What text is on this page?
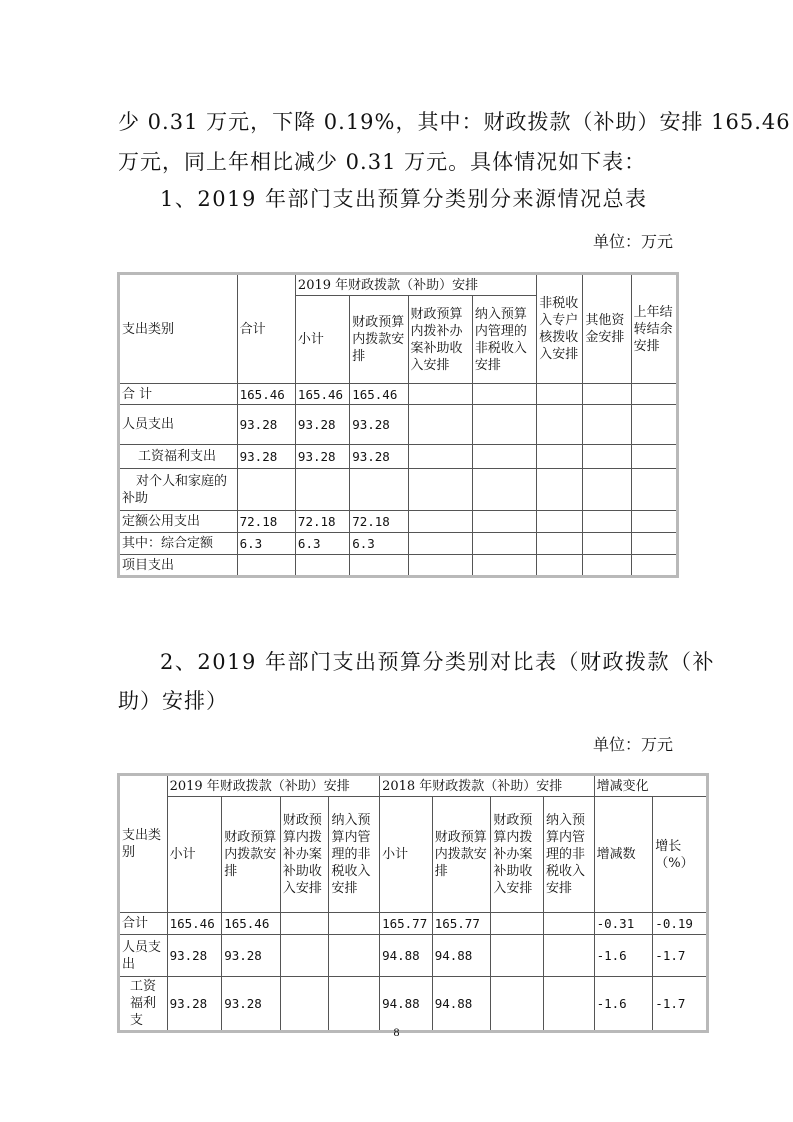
少 0.31 万元，下降 0.19%，其中：财政拨款（补助）安排 165.46
万元，同上年相比减少 0.31 万元。具体情况如下表：
1、2019 年部门支出预算分类别分来源情况总表
单位：万元
支出类别	合计	2019 年财政拨款（补助）安排				非税收入专户核拨收入安排	其他资金安排	上年结转结余安排
		小计	财政预算内拨款安排	财政预算内拨补办案补助收入安排	纳入预算内管理的非税收入安排			
合 计	165.46	165.46	165.46					
人员支出	93.28	93.28	93.28					
工资福利支出	93.28	93.28	93.28					
对个人和家庭的补助								
定额公用支出	72.18	72.18	72.18					
其中：综合定额	6.3	6.3	6.3					
项目支出								
2、2019 年部门支出预算分类别对比表（财政拨款（补
助）安排）
单位：万元
支出类别	2019 年财政拨款（补助）安排				2018 年财政拨款（补助）安排				增减变化	
	小计	财政预算内拨款安排	财政预算内拨补办案补助收入安排	纳入预算内管理的非税收入安排	小计	财政预算内拨款安排	财政预算内拨补办案补助收入安排	纳入预算内管理的非税收入安排	增减数	增长（%）
合计	165.46	165.46			165.77	165.77			-0.31	-0.19
人员支出	93.28	93.28			94.88	94.88			-1.6	-1.7
工资福利支	93.28	93.28			94.88	94.88			-1.6	-1.7
8
